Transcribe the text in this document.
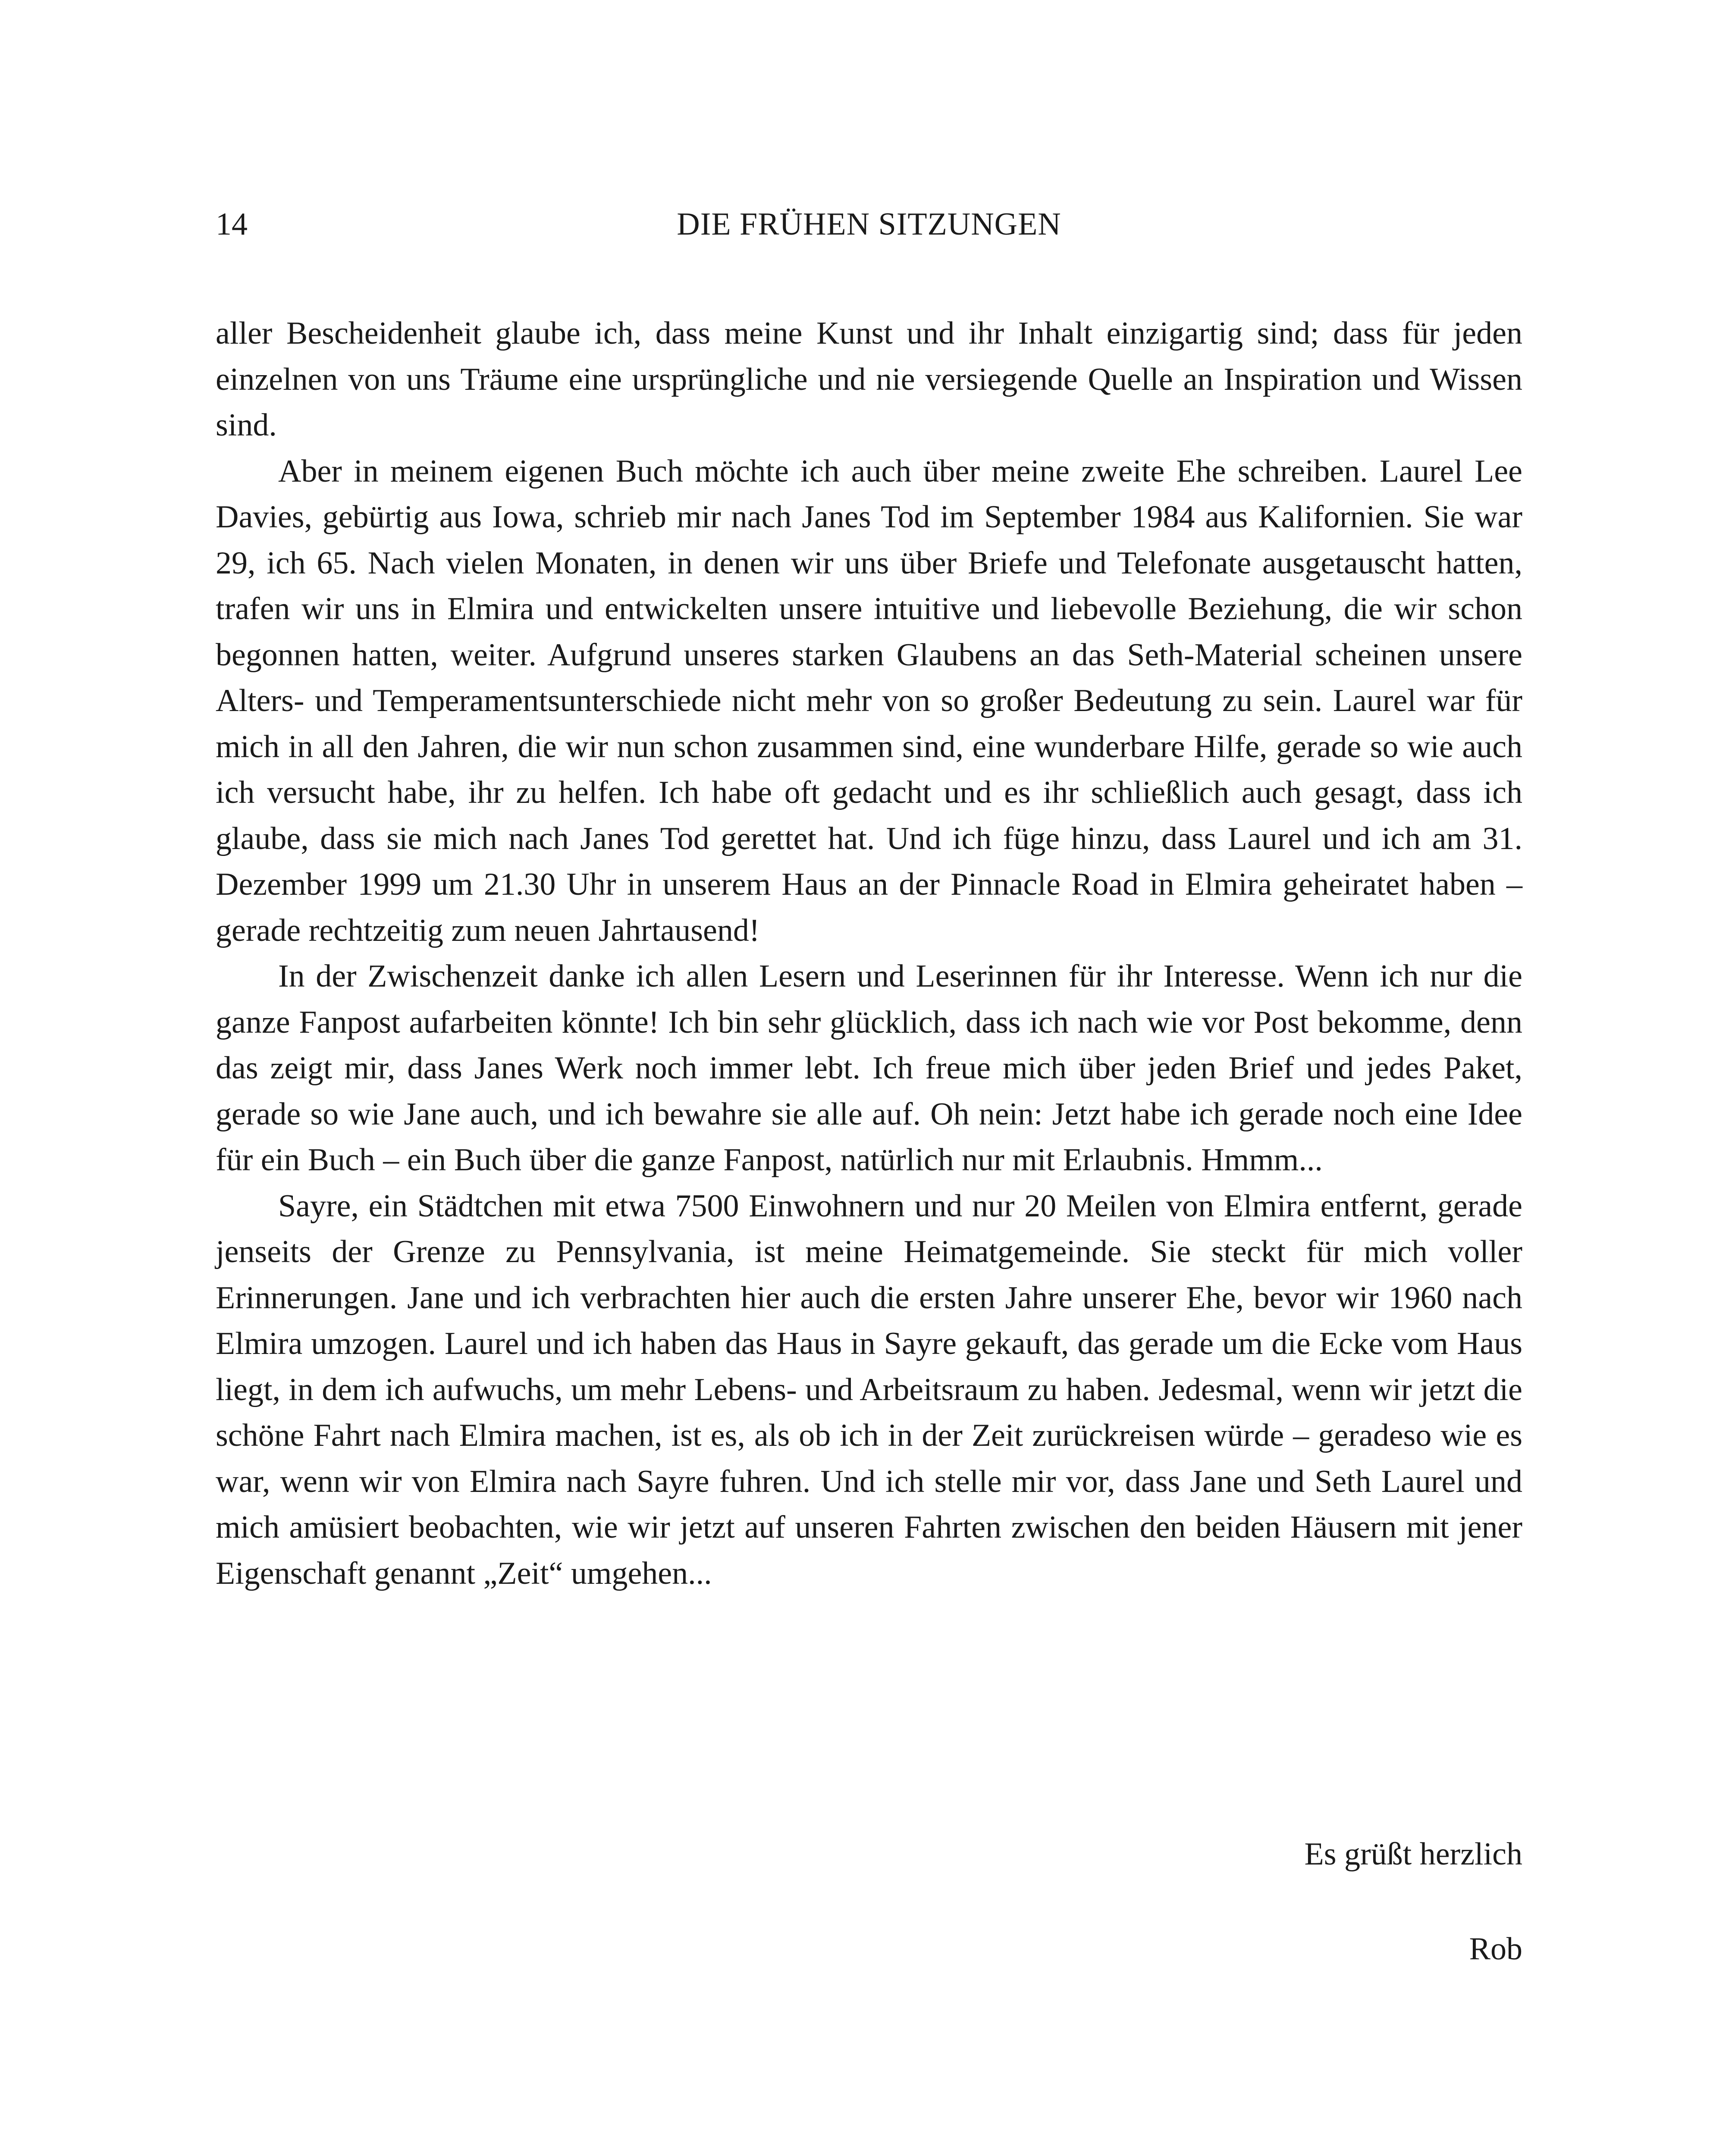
14	DIE FRÜHEN SITZUNGEN

aller Bescheidenheit glaube ich, dass meine Kunst und ihr Inhalt einzigartig sind; dass für jeden einzelnen von uns Träume eine ursprüngliche und nie versiegende Quelle an Inspiration und Wissen sind.

Aber in meinem eigenen Buch möchte ich auch über meine zweite Ehe schreiben. Laurel Lee Davies, gebürtig aus Iowa, schrieb mir nach Janes Tod im September 1984 aus Kalifornien. Sie war 29, ich 65. Nach vielen Monaten, in denen wir uns über Briefe und Telefonate ausgetauscht hatten, trafen wir uns in Elmira und entwickelten unsere intuitive und liebevolle Beziehung, die wir schon begonnen hatten, weiter. Aufgrund unseres starken Glaubens an das Seth-Material scheinen unsere Alters- und Temperamentsunterschiede nicht mehr von so großer Bedeutung zu sein. Laurel war für mich in all den Jahren, die wir nun schon zusammen sind, eine wunderbare Hilfe, gerade so wie auch ich versucht habe, ihr zu helfen. Ich habe oft gedacht und es ihr schließlich auch gesagt, dass ich glaube, dass sie mich nach Janes Tod gerettet hat. Und ich füge hinzu, dass Laurel und ich am 31. Dezember 1999 um 21.30 Uhr in unserem Haus an der Pinnacle Road in Elmira geheiratet haben – gerade rechtzeitig zum neuen Jahrtausend!

In der Zwischenzeit danke ich allen Lesern und Leserinnen für ihr Interesse. Wenn ich nur die ganze Fanpost aufarbeiten könnte! Ich bin sehr glücklich, dass ich nach wie vor Post bekomme, denn das zeigt mir, dass Janes Werk noch immer lebt. Ich freue mich über jeden Brief und jedes Paket, gerade so wie Jane auch, und ich bewahre sie alle auf. Oh nein: Jetzt habe ich gerade noch eine Idee für ein Buch – ein Buch über die ganze Fanpost, natürlich nur mit Erlaubnis. Hmmm...

Sayre, ein Städtchen mit etwa 7500 Einwohnern und nur 20 Meilen von Elmira entfernt, gerade jenseits der Grenze zu Pennsylvania, ist meine Heimatgemeinde. Sie steckt für mich voller Erinnerungen. Jane und ich verbrachten hier auch die ersten Jahre unserer Ehe, bevor wir 1960 nach Elmira umzogen. Laurel und ich haben das Haus in Sayre gekauft, das gerade um die Ecke vom Haus liegt, in dem ich aufwuchs, um mehr Lebens- und Arbeitsraum zu haben. Jedesmal, wenn wir jetzt die schöne Fahrt nach Elmira machen, ist es, als ob ich in der Zeit zurückreisen würde – geradeso wie es war, wenn wir von Elmira nach Sayre fuhren. Und ich stelle mir vor, dass Jane und Seth Laurel und mich amüsiert beobachten, wie wir jetzt auf unseren Fahrten zwischen den beiden Häusern mit jener Eigenschaft genannt „Zeit“ umgehen...

Es grüßt herzlich
Rob
